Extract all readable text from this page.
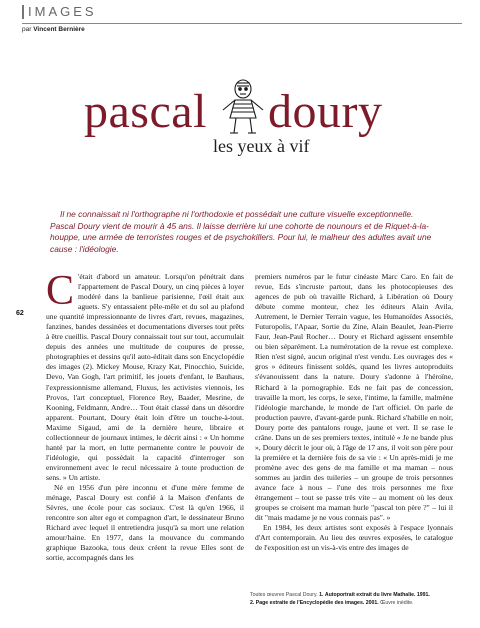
IMAGES
par Vincent Bernière
pascal doury
les yeux à vif

Il ne connaissait ni l'orthographe ni l'orthodoxie et possédait une culture visuelle exceptionnelle. Pascal Doury vient de mourir à 45 ans. Il laisse derrière lui une cohorte de nounours et de Riquet-à-la-houppe, une armée de terroristes rouges et de psychokillers. Pour lui, le malheur des adultes avait une cause : l'idéologie.

62 C 'était d'abord un amateur. Lorsqu'on pénétrait dans l'appartement de Pascal Doury, un cinq pièces à loyer modéré dans la banlieue parisienne, l'œil était aux aguets. S'y entassaient pêle-mêle et du sol au plafond une quantité impressionnante de livres d'art, revues, magazines, fanzines, bandes dessinées et documentations diverses tout prêts à être cueillis. Pascal Doury connaissait tout sur tout, accumulait depuis des années une multitude de coupures de presse, photographies et dessins qu'il auto-éditait dans son Encyclopédie des images (2). Mickey Mouse, Krazy Kat, Pinocchio, Suicide, Devo, Van Gogh, l'art primitif, les jouets d'enfant, le Bauhaus, l'expressionnisme allemand, Fluxus, les activistes viennois, les Provos, l'art conceptuel, Florence Rey, Baader, Mesrine, de Kooning, Feldmann, Andre… Tout était classé dans un désordre apparent. Pourtant, Doury était loin d'être un touche-à-tout. Maxime Sigaud, ami de la dernière heure, libraire et collectionneur de journaux intimes, le décrit ainsi : « Un homme hanté par la mort, en lutte permanente contre le pouvoir de l'idéologie, qui possédait la capacité d'interroger son environnement avec le recul nécessaire à toute production de sens. » Un artiste.

Né en 1956 d'un père inconnu et d'une mère femme de ménage, Pascal Doury est confié à la Maison d'enfants de Sèvres, une école pour cas sociaux. C'est là qu'en 1966, il rencontre son alter ego et compagnon d'art, le dessinateur Bruno Richard avec lequel il entretiendra jusqu'à sa mort une relation amour/haine. En 1977, dans la mouvance du commando graphique Bazooka, tous deux créent la revue Elles sont de sortie, accompagnés dans les

premiers numéros par le futur cinéaste Marc Caro. En fait de revue, Eds s'incruste partout, dans les photocopieuses des agences de pub où travaille Richard, à Libération où Doury débute comme monteur, chez les éditeurs Alain Avila, Autrement, le Dernier Terrain vague, les Humanoïdes Associés, Futuropolis, l'Apaar, Sortie du Zine, Alain Beaulet, Jean-Pierre Faur, Jean-Paul Rocher… Doury et Richard agissent ensemble ou bien séparément. La numérotation de la revue est complexe. Rien n'est signé, aucun original n'est vendu. Les ouvrages des « gros » éditeurs finissent soldés, quand les livres autoproduits s'évanouissent dans la nature. Doury s'adonne à l'héroïne, Richard à la pornographie. Eds ne fait pas de concession, travaille la mort, les corps, le sexe, l'intime, la famille, malmène l'idéologie marchande, le monde de l'art officiel. On parle de production pauvre, d'avant-garde punk. Richard s'habille en noir, Doury porte des pantalons rouge, jaune et vert. Il se rase le crâne. Dans un de ses premiers textes, intitulé « Je ne bande plus », Doury décrit le jour où, à l'âge de 17 ans, il voit son père pour la première et la dernière fois de sa vie : « Un après-midi je me promène avec des gens de ma famille et ma maman – nous sommes au jardin des tuileries – un groupe de trois personnes avance face à nous – l'une des trois personnes me fixe étrangement – tout se passe très vite – au moment où les deux groupes se croisent ma maman hurle "pascal ton père ?" – lui il dit "mais madame je ne vous connais pas". »

En 1984, les deux artistes sont exposés à l'espace lyonnais d'Art contemporain. Au lieu des œuvres exposées, le catalogue de l'exposition est un vis-à-vis entre des images de

Toutes œuvres Pascal Doury. 1. Autoportrait extrait du livre Mathalie. 1991.
2. Page extraite de l'Encyclopédie des images. 2001. Œuvre inédite.
